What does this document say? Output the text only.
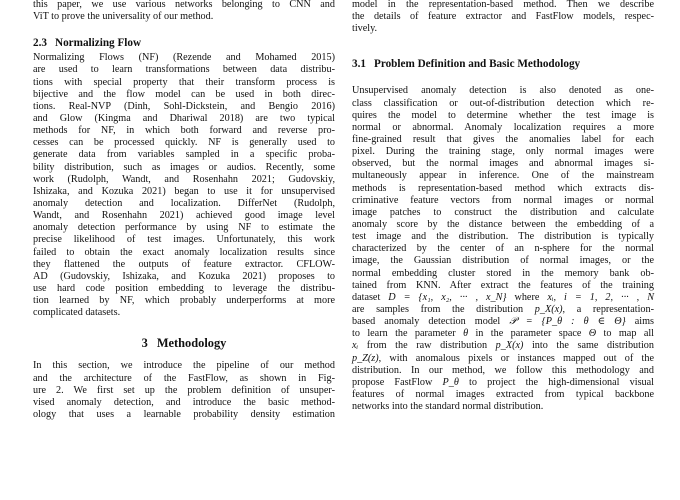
this paper, we use various networks belonging to CNN and
ViT to prove the universality of our method.
2.3 Normalizing Flow
Normalizing Flows (NF) (Rezende and Mohamed 2015)
are used to learn transformations between data distribu-
tions with special property that their transform process is
bijective and the flow model can be used in both direc-
tions. Real-NVP (Dinh, Sohl-Dickstein, and Bengio 2016)
and Glow (Kingma and Dhariwal 2018) are two typical
methods for NF, in which both forward and reverse pro-
cesses can be processed quickly. NF is generally used to
generate data from variables sampled in a specific proba-
bility distribution, such as images or audios. Recently, some
work (Rudolph, Wandt, and Rosenhahn 2021; Gudovskiy,
Ishizaka, and Kozuka 2021) began to use it for unsupervised
anomaly detection and localization. DifferNet (Rudolph,
Wandt, and Rosenhahn 2021) achieved good image level
anomaly detection performance by using NF to estimate the
precise likelihood of test images. Unfortunately, this work
failed to obtain the exact anomaly localization results since
they flattened the outputs of feature extractor. CFLOW-
AD (Gudovskiy, Ishizaka, and Kozuka 2021) proposes to
use hard code position embedding to leverage the distribu-
tion learned by NF, which probably underperforms at more
complicated datasets.
3 Methodology
In this section, we introduce the pipeline of our method
and the architecture of the FastFlow, as shown in Fig-
ure 2. We first set up the problem definition of unsuper-
vised anomaly detection, and introduce the basic method-
ology that uses a learnable probability density estimation
model in the representation-based method. Then we describe
the details of feature extractor and FastFlow models, respec-
tively.
3.1 Problem Definition and Basic Methodology
Unsupervised anomaly detection is also denoted as one-
class classification or out-of-distribution detection which re-
quires the model to determine whether the test image is
normal or abnormal. Anomaly localization requires a more
fine-grained result that gives the anomalies label for each
pixel. During the training stage, only normal images were
observed, but the normal images and abnormal images si-
multaneously appear in inference. One of the mainstream
methods is representation-based method which extracts dis-
criminative feature vectors from normal images or normal
image patches to construct the distribution and calculate
anomaly score by the distance between the embedding of a
test image and the distribution. The distribution is typically
characterized by the center of an n-sphere for the normal
image, the Gaussian distribution of normal images, or the
normal embedding cluster stored in the memory bank ob-
tained from KNN. After extract the features of the training
dataset D = {x₁, x₂, ··· , x_N} where xᵢ, i = 1, 2, ··· , N
are samples from the distribution p_X(x), a representation-
based anomaly detection model 𝒫 = {P_θ : θ ∈ Θ} aims
to learn the parameter θ in the parameter space Θ to map all
xᵢ from the raw distribution p_X(x) into the same distribution
p_Z(z), with anomalous pixels or instances mapped out of the
distribution. In our method, we follow this methodology and
propose FastFlow P_θ to project the high-dimensional visual
features of normal images extracted from typical backbone
networks into the standard normal distribution.
